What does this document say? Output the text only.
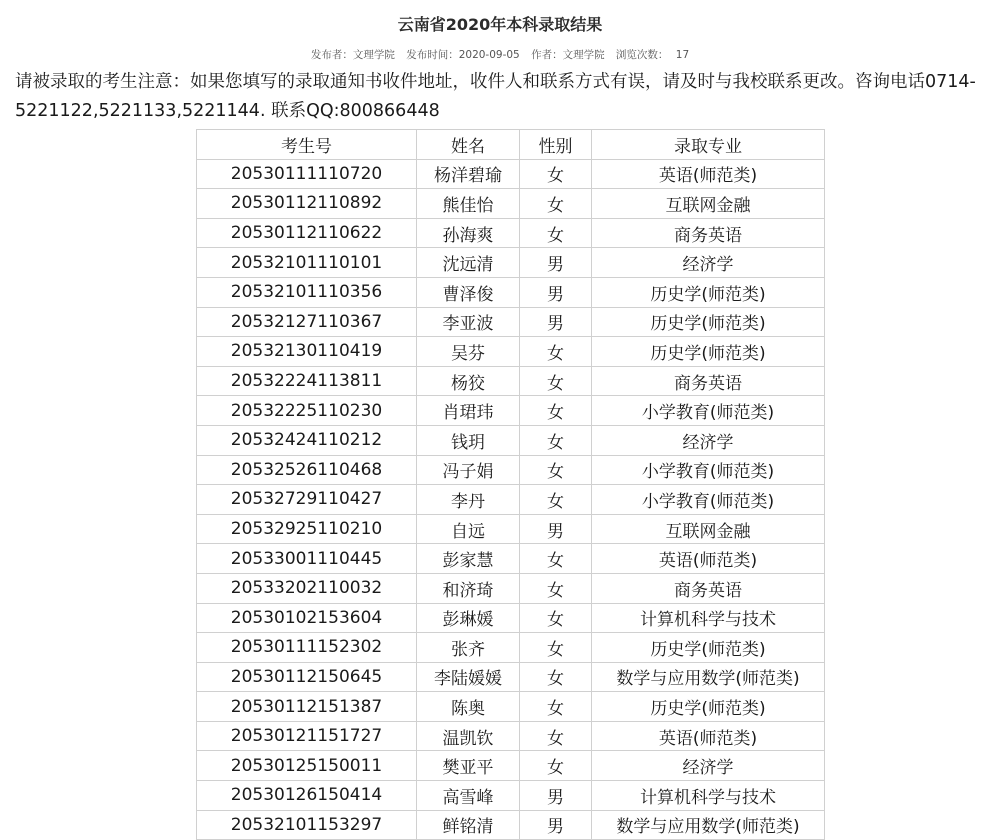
云南省2020年本科录取结果
发布者：文理学院 发布时间：2020-09-05 作者：文理学院 浏览次数： 17
请被录取的考生注意：如果您填写的录取通知书收件地址，收件人和联系方式有误，请及时与我校联系更改。咨询电话0714-5221122,5221133,5221144. 联系QQ:800866448
考生号	姓名	性别	录取专业
20530111110720	杨洋碧瑜	女	英语(师范类)
20530112110892	熊佳怡	女	互联网金融
20530112110622	孙海爽	女	商务英语
20532101110101	沈远清	男	经济学
20532101110356	曹泽俊	男	历史学(师范类)
20532127110367	李亚波	男	历史学(师范类)
20532130110419	吴芬	女	历史学(师范类)
20532224113811	杨狡	女	商务英语
20532225110230	肖珺玮	女	小学教育(师范类)
20532424110212	钱玥	女	经济学
20532526110468	冯子娟	女	小学教育(师范类)
20532729110427	李丹	女	小学教育(师范类)
20532925110210	自远	男	互联网金融
20533001110445	彭家慧	女	英语(师范类)
20533202110032	和济琦	女	商务英语
20530102153604	彭琳媛	女	计算机科学与技术
20530111152302	张齐	女	历史学(师范类)
20530112150645	李陆媛媛	女	数学与应用数学(师范类)
20530112151387	陈奥	女	历史学(师范类)
20530121151727	温凯钦	女	英语(师范类)
20530125150011	樊亚平	女	经济学
20530126150414	高雪峰	男	计算机科学与技术
20532101153297	鲜铭清	男	数学与应用数学(师范类)
